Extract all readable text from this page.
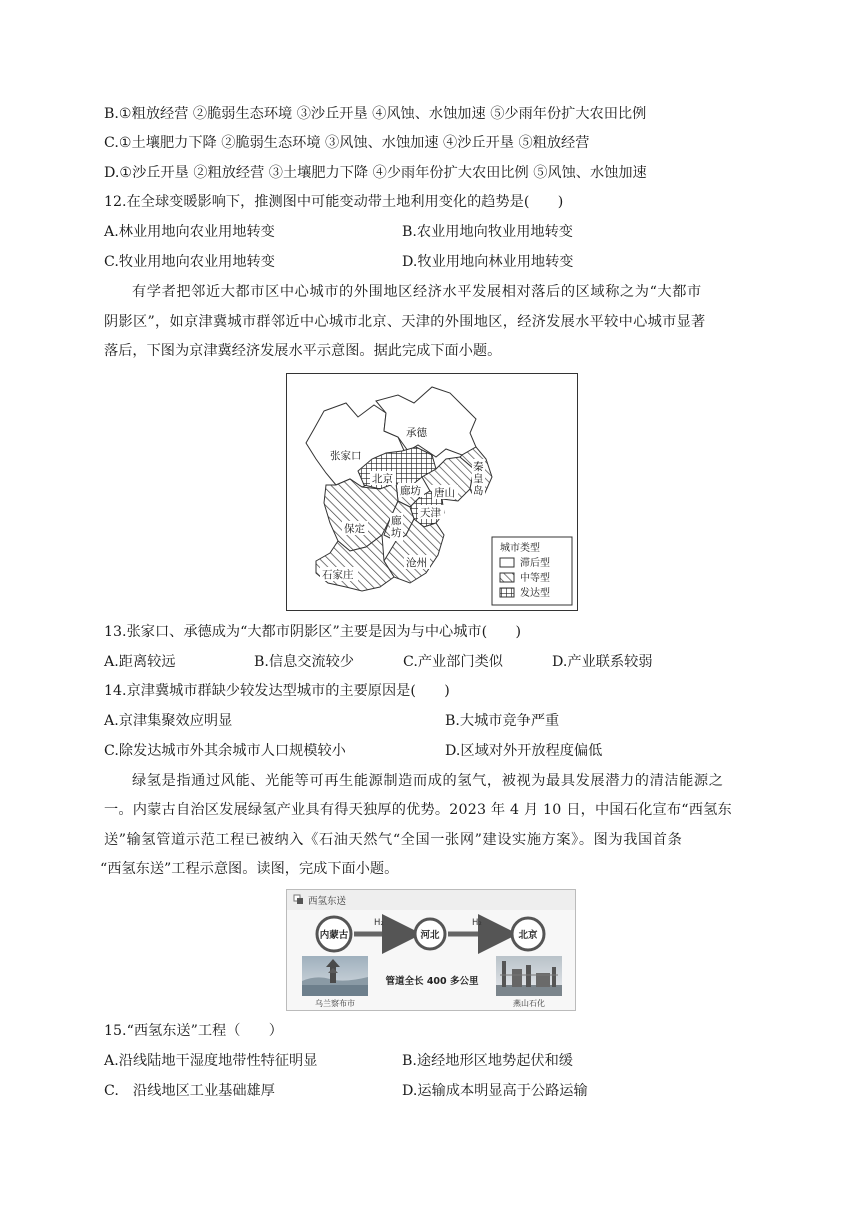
B.①粗放经营 ②脆弱生态环境 ③沙丘开垦 ④风蚀、水蚀加速 ⑤少雨年份扩大农田比例
C.①土壤肥力下降 ②脆弱生态环境 ③风蚀、水蚀加速 ④沙丘开垦 ⑤粗放经营
D.①沙丘开垦 ②粗放经营 ③土壤肥力下降 ④少雨年份扩大农田比例 ⑤风蚀、水蚀加速
12.在全球变暖影响下，推测图中可能变动带土地利用变化的趋势是(　　)
A.林业用地向农业用地转变	B.农业用地向牧业用地转变
C.牧业用地向农业用地转变	D.牧业用地向林业用地转变
有学者把邻近大都市区中心城市的外围地区经济水平发展相对落后的区域称之为“大都市
阴影区”，如京津冀城市群邻近中心城市北京、天津的外围地区，经济发展水平较中心城市显著
落后，下图为京津冀经济发展水平示意图。据此完成下面小题。
承德
张家口
北京
廊坊 唐山
秦皇岛
天津
保定
廊坊
沧州
石家庄
城市类型
滞后型
中等型
发达型
13.张家口、承德成为“大都市阴影区”主要是因为与中心城市(　　)
A.距离较远	B.信息交流较少	C.产业部门类似	D.产业联系较弱
14.京津冀城市群缺少较发达型城市的主要原因是(　　)
A.京津集聚效应明显	B.大城市竞争严重
C.除发达城市外其余城市人口规模较小	D.区域对外开放程度偏低
绿氢是指通过风能、光能等可再生能源制造而成的氢气，被视为最具发展潜力的清洁能源之
一。内蒙古自治区发展绿氢产业具有得天独厚的优势。2023 年 4 月 10 日，中国石化宣布“西氢东
送”输氢管道示范工程已被纳入《石油天然气“全国一张网”建设实施方案》。图为我国首条
“西氢东送”工程示意图。读图，完成下面小题。
西氢东送
H₂	H₂
内蒙古	河北	北京
乌兰察布市
管道全长 400 多公里
燕山石化
15.“西氢东送”工程（　　）
A.沿线陆地干湿度地带性特征明显	B.途经地形区地势起伏和缓
C.　沿线地区工业基础雄厚	D.运输成本明显高于公路运输
